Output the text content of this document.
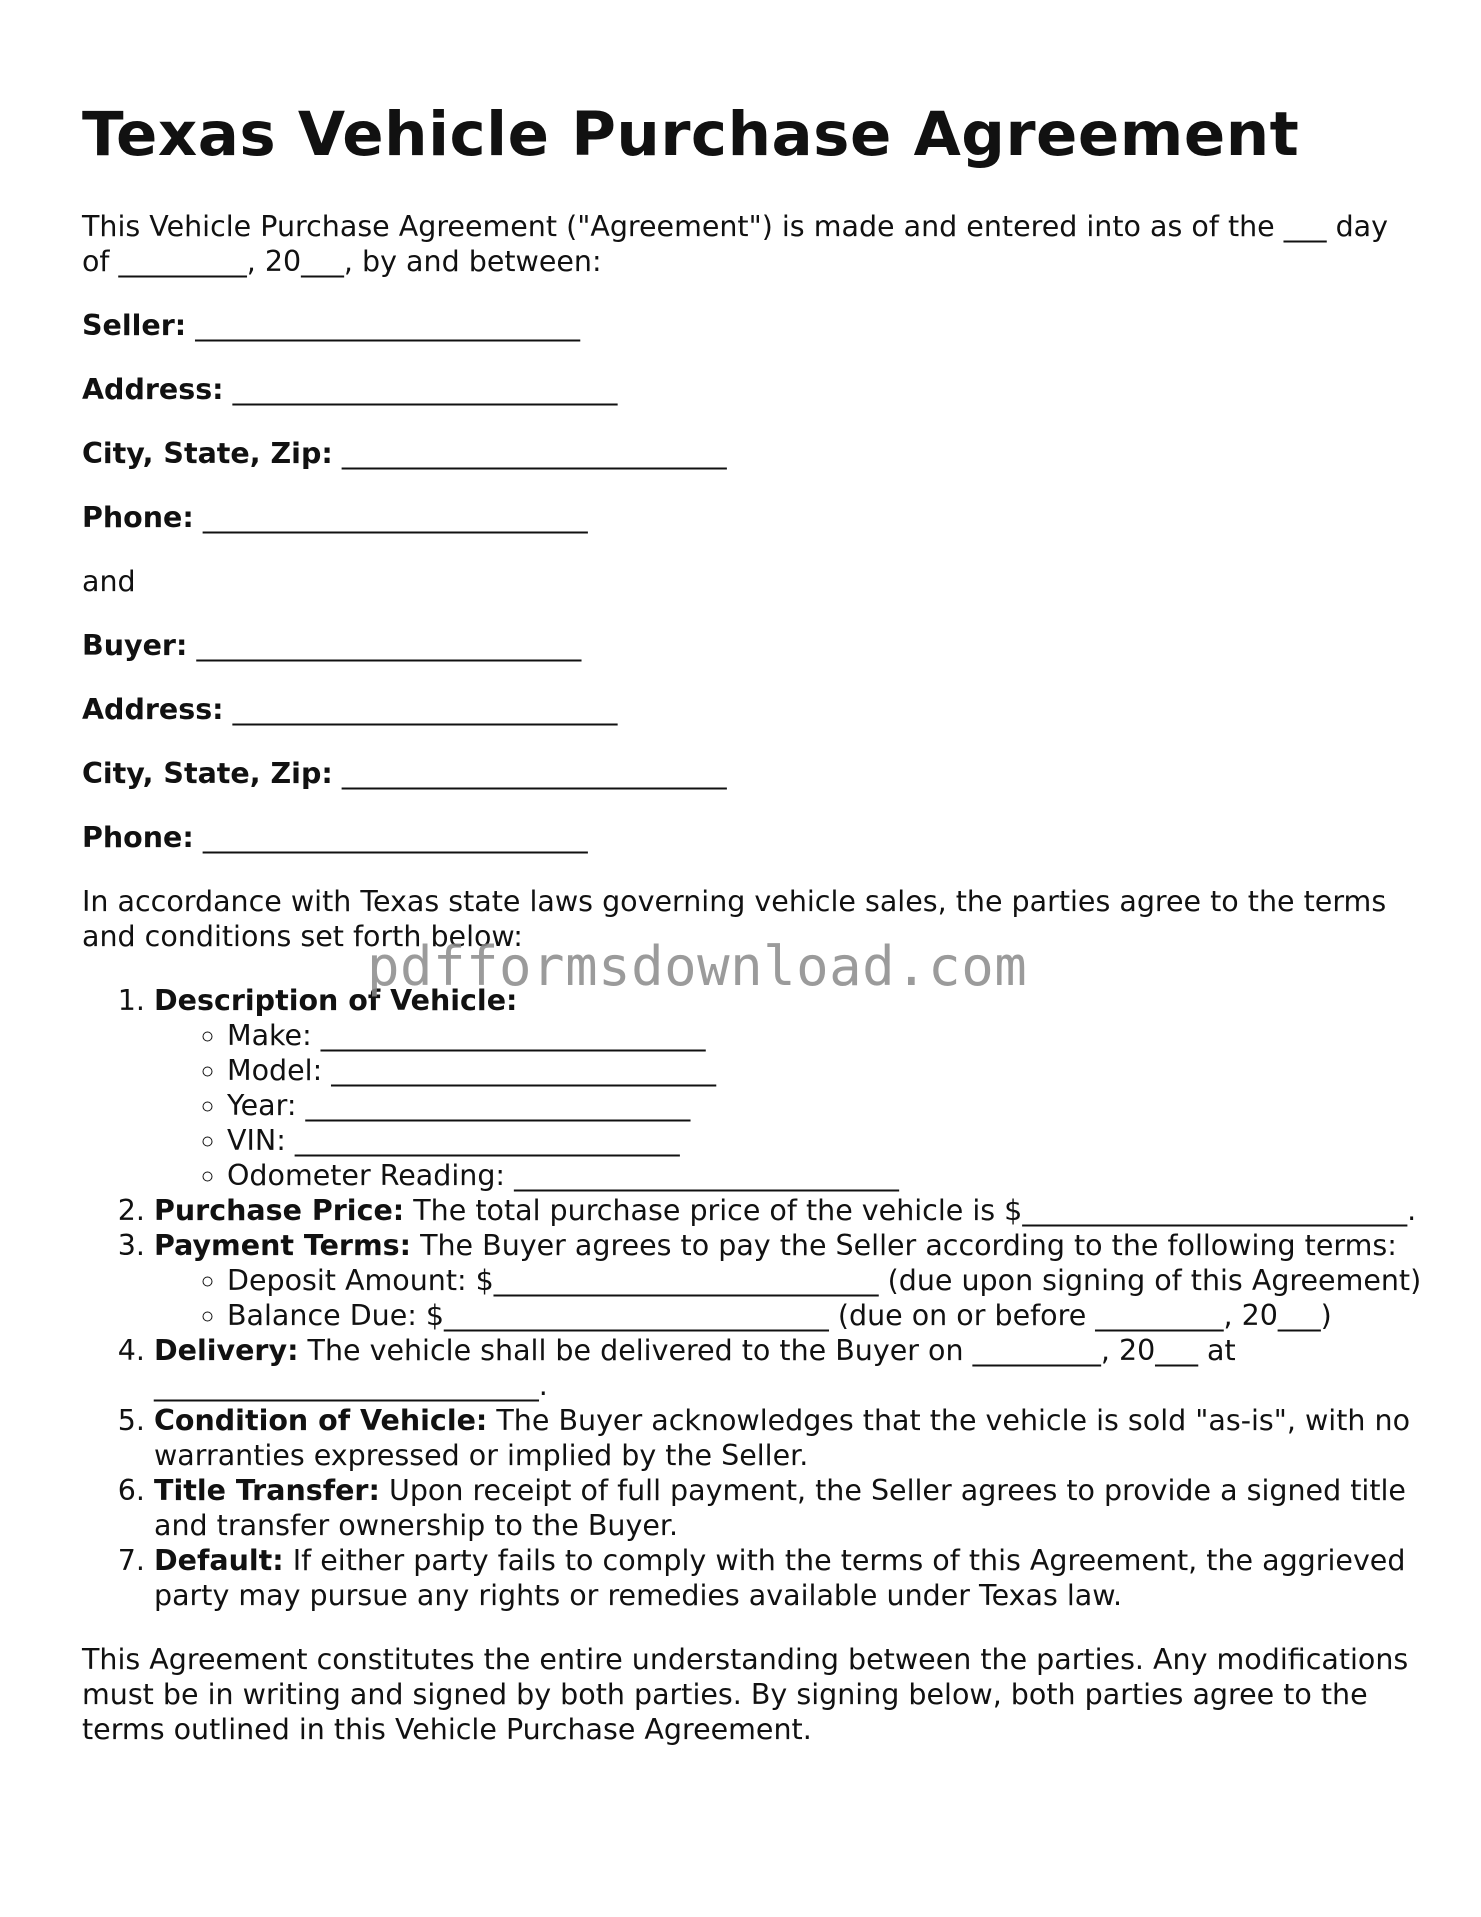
Texas Vehicle Purchase Agreement

This Vehicle Purchase Agreement ("Agreement") is made and entered into as of the ___ day of _________, 20___, by and between:

Seller: ___________________________

Address: ___________________________

City, State, Zip: ___________________________

Phone: ___________________________

and

Buyer: ___________________________

Address: ___________________________

City, State, Zip: ___________________________

Phone: ___________________________

In accordance with Texas state laws governing vehicle sales, the parties agree to the terms and conditions set forth below:

1. Description of Vehicle:
◦ Make: ___________________________
◦ Model: ___________________________
◦ Year: ___________________________
◦ VIN: ___________________________
◦ Odometer Reading: ___________________________
2. Purchase Price: The total purchase price of the vehicle is $___________________________.
3. Payment Terms: The Buyer agrees to pay the Seller according to the following terms:
◦ Deposit Amount: $___________________________ (due upon signing of this Agreement)
◦ Balance Due: $___________________________ (due on or before _________, 20___)
4. Delivery: The vehicle shall be delivered to the Buyer on _________, 20___ at ___________________________.
5. Condition of Vehicle: The Buyer acknowledges that the vehicle is sold "as-is", with no warranties expressed or implied by the Seller.
6. Title Transfer: Upon receipt of full payment, the Seller agrees to provide a signed title and transfer ownership to the Buyer.
7. Default: If either party fails to comply with the terms of this Agreement, the aggrieved party may pursue any rights or remedies available under Texas law.

This Agreement constitutes the entire understanding between the parties. Any modifications must be in writing and signed by both parties. By signing below, both parties agree to the terms outlined in this Vehicle Purchase Agreement.

pdfformsdownload.com
